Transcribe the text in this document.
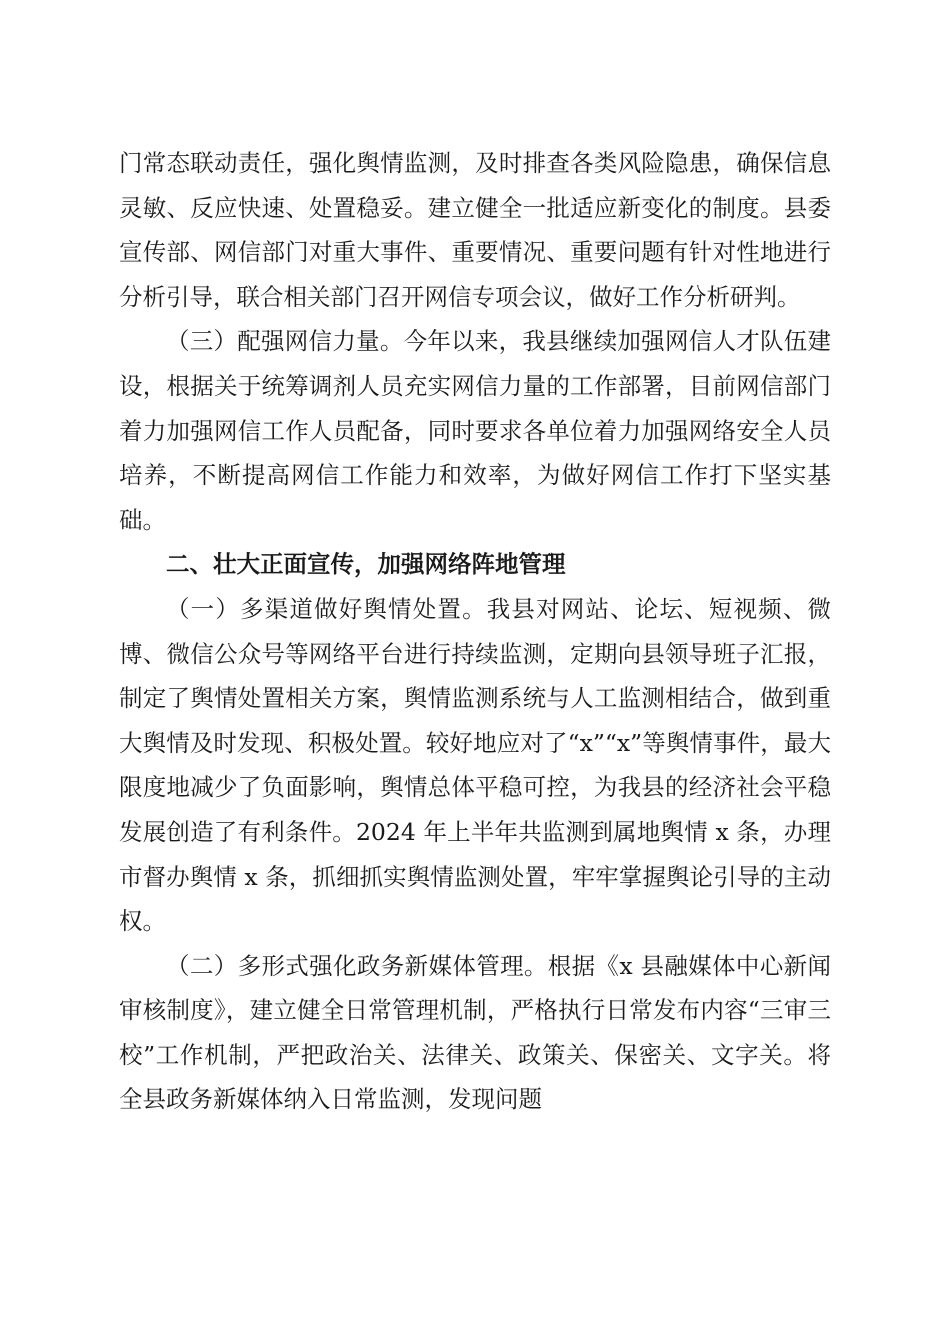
门常态联动责任，强化舆情监测，及时排查各类风险隐患，确保信息灵敏、反应快速、处置稳妥。建立健全一批适应新变化的制度。县委宣传部、网信部门对重大事件、重要情况、重要问题有针对性地进行分析引导，联合相关部门召开网信专项会议，做好工作分析研判。

（三）配强网信力量。今年以来，我县继续加强网信人才队伍建设，根据关于统筹调剂人员充实网信力量的工作部署，目前网信部门着力加强网信工作人员配备，同时要求各单位着力加强网络安全人员培养，不断提高网信工作能力和效率，为做好网信工作打下坚实基础。

二、壮大正面宣传，加强网络阵地管理

（一）多渠道做好舆情处置。我县对网站、论坛、短视频、微博、微信公众号等网络平台进行持续监测，定期向县领导班子汇报，制定了舆情处置相关方案，舆情监测系统与人工监测相结合，做到重大舆情及时发现、积极处置。较好地应对了“x”“x”等舆情事件，最大限度地减少了负面影响，舆情总体平稳可控，为我县的经济社会平稳发展创造了有利条件。2024 年上半年共监测到属地舆情 x 条，办理市督办舆情 x 条，抓细抓实舆情监测处置，牢牢掌握舆论引导的主动权。

（二）多形式强化政务新媒体管理。根据《x 县融媒体中心新闻审核制度》，建立健全日常管理机制，严格执行日常发布内容“三审三校”工作机制，严把政治关、法律关、政策关、保密关、文字关。将全县政务新媒体纳入日常监测，发现问题
